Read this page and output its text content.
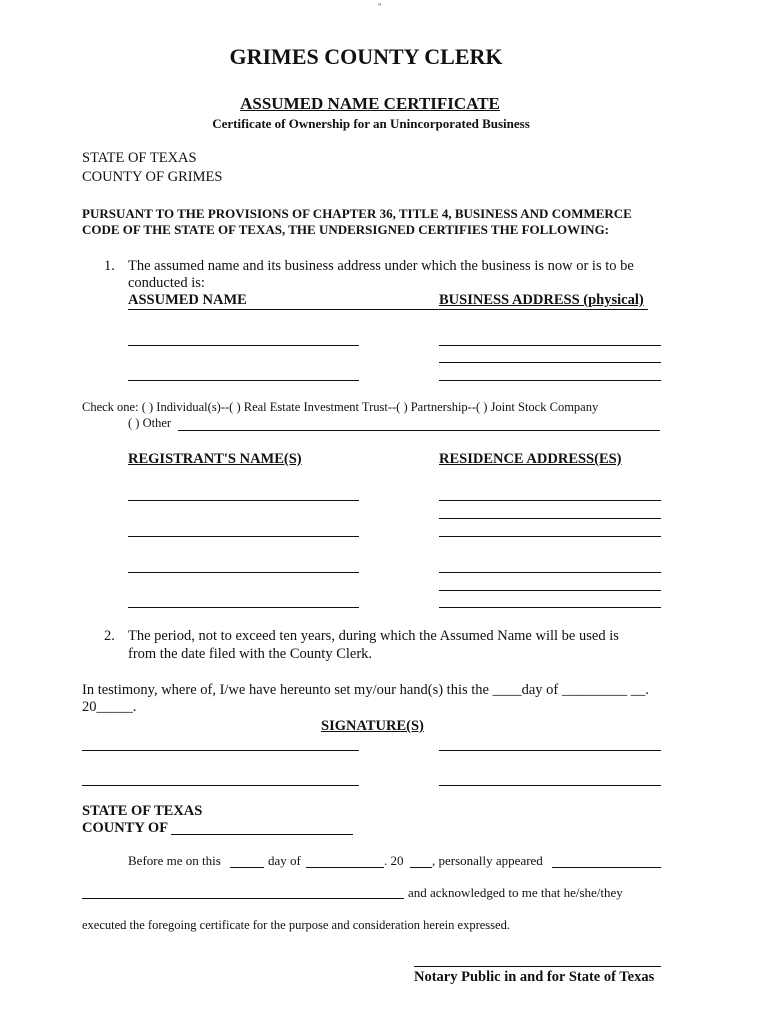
"
GRIMES COUNTY CLERK
ASSUMED NAME CERTIFICATE
Certificate of Ownership for an Unincorporated Business
STATE OF TEXAS
COUNTY OF GRIMES
PURSUANT TO THE PROVISIONS OF CHAPTER 36, TITLE 4, BUSINESS AND COMMERCE
CODE OF THE STATE OF TEXAS, THE UNDERSIGNED CERTIFIES THE FOLLOWING:
1. The assumed name and its business address under which the business is now or is to be
conducted is:
ASSUMED NAME	BUSINESS ADDRESS (physical)
Check one: ( ) Individual(s)--( ) Real Estate Investment Trust--( ) Partnership--( ) Joint Stock Company
( ) Other
REGISTRANT'S NAME(S)	RESIDENCE ADDRESS(ES)
2. The period, not to exceed ten years, during which the Assumed Name will be used is
from the date filed with the County Clerk.
In testimony, where of, I/we have hereunto set my/our hand(s) this the ____day of _________ __.
20_____.
SIGNATURE(S)
STATE OF TEXAS
COUNTY OF
Before me on this	day of	. 20 , personally appeared
and acknowledged to me that he/she/they
executed the foregoing certificate for the purpose and consideration herein expressed.
Notary Public in and for State of Texas
